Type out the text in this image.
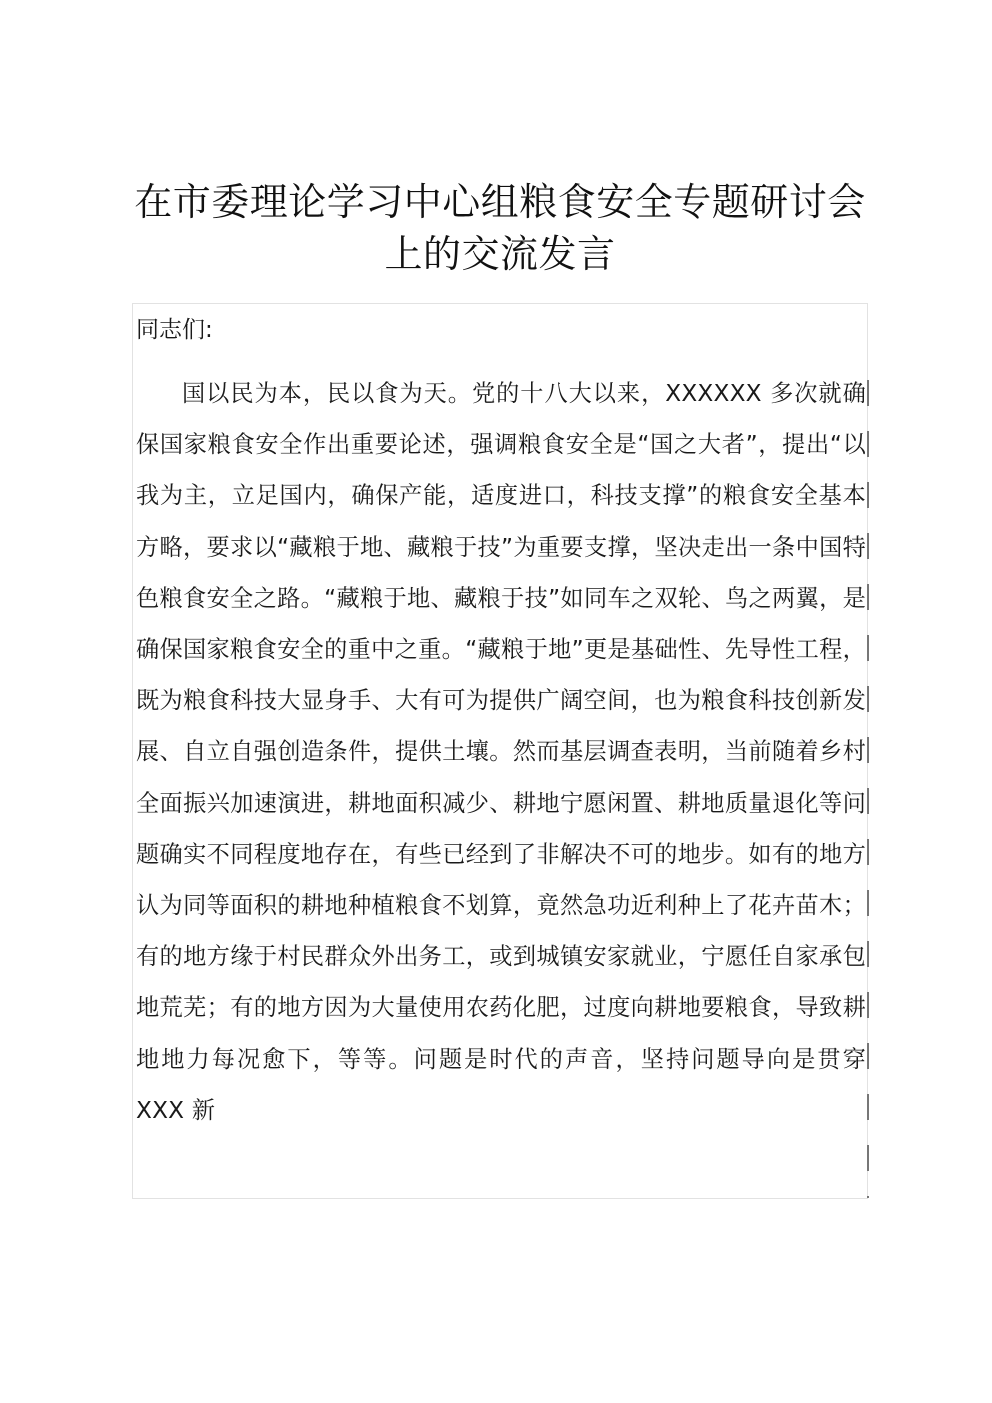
在市委理论学习中心组粮食安全专题研讨会上的交流发言

同志们:

国以民为本，民以食为天。党的十八大以来，XXXXXX 多次就确保国家粮食安全作出重要论述，强调粮食安全是“国之大者”，提出“以我为主，立足国内，确保产能，适度进口，科技支撑”的粮食安全基本方略，要求以“藏粮于地、藏粮于技”为重要支撑，坚决走出一条中国特色粮食安全之路。“藏粮于地、藏粮于技”如同车之双轮、鸟之两翼，是确保国家粮食安全的重中之重。“藏粮于地”更是基础性、先导性工程，既为粮食科技大显身手、大有可为提供广阔空间，也为粮食科技创新发展、自立自强创造条件，提供土壤。然而基层调查表明，当前随着乡村全面振兴加速演进，耕地面积减少、耕地宁愿闲置、耕地质量退化等问题确实不同程度地存在，有些已经到了非解决不可的地步。如有的地方认为同等面积的耕地种植粮食不划算，竟然急功近利种上了花卉苗木；有的地方缘于村民群众外出务工，或到城镇安家就业，宁愿任自家承包地荒芜；有的地方因为大量使用农药化肥，过度向耕地要粮食，导致耕地地力每况愈下，等等。问题是时代的声音，坚持问题导向是贯穿 XXX 新
